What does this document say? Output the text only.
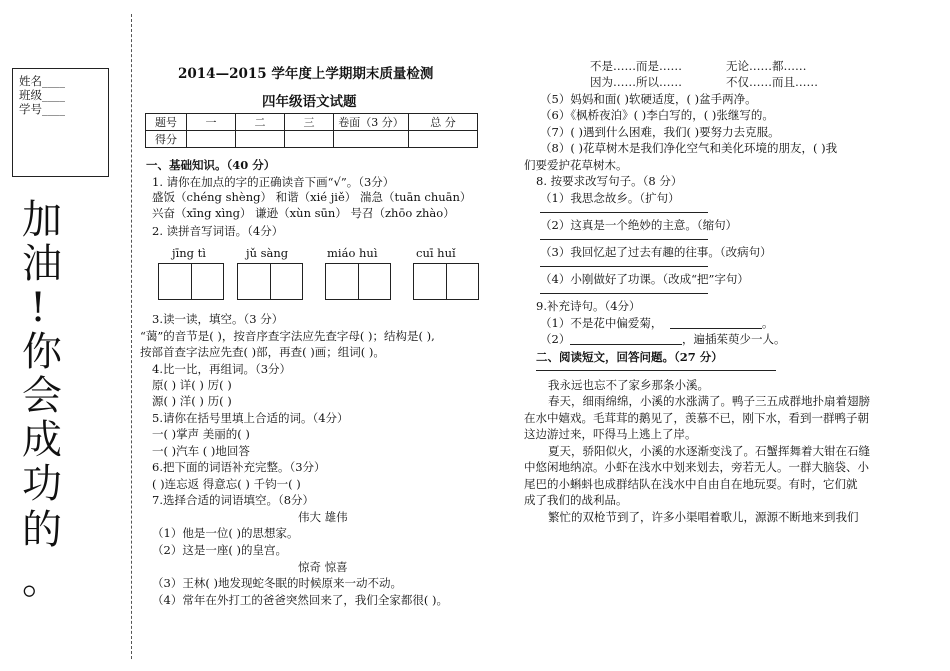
姓名____
班级____
学号____
加
油
!
你
会
成
功
的
。
2014—2015 学年度上学期期末质量检测
四年级语文试题
题号	一	二	三	卷面（3 分）	总 分
得分					
一、基础知识。（40 分）
1. 请你在加点的字的正确读音下画“√”。（3分）
盛饭（chéng shèng） 和谐（xié jiě） 湍急（tuān chuān）
兴奋（xīng xìng） 谦逊（xùn sūn） 号召（zhōo zhào）
2. 读拼音写词语。（4分）
jīng tì	jǔ sàng	miáo huì	cuī huǐ
3.读一读，填空。（3 分）
“蔼”的音节是( )，按音序查字法应先查字母( )；结构是( ),
按部首查字法应先查( )部，再查( )画；组词( )。
4.比一比，再组词。（3分）
原( ) 详( ) 厉( )
源( ) 洋( ) 历( )
5.请你在括号里填上合适的词。（4分）
一( )掌声 美丽的( )
一( )汽车 ( )地回答
6.把下面的词语补充完整。（3分）
( )连忘返 得意忘( ) 千钧一( )
7.选择合适的词语填空。（8分）
伟大 雄伟
（1）他是一位( )的思想家。
（2）这是一座( )的皇宫。
惊奇 惊喜
（3）王林( )地发现蛇冬眠的时候原来一动不动。
（4）常年在外打工的爸爸突然回来了，我们全家都很( )。
不是……而是……	无论……都……
因为……所以……	不仅……而且……
（5）妈妈和面( )软硬适度，( )盆手两净。
（6）《枫桥夜泊》( )李白写的，( )张继写的。
（7）( )遇到什么困难，我们( )要努力去克服。
（8）( )花草树木是我们净化空气和美化环境的朋友，( )我
们要爱护花草树木。
8. 按要求改写句子。（8 分）
（1）我思念故乡。（扩句）
（2）这真是一个绝妙的主意。（缩句）
（3）我回忆起了过去有趣的往事。（改病句）
（4）小刚做好了功课。（改成“把”字句）
9.补充诗句。（4分）
（1）不是花中偏爱菊，	。
（2）	，遍插茱萸少一人。
二、阅读短文，回答问题。（27 分）
我永远也忘不了家乡那条小溪。
春天，细雨绵绵，小溪的水涨满了。鸭子三五成群地扑扇着翅膀
在水中嬉戏。毛茸茸的鹅见了，羡慕不已，刚下水，看到一群鸭子朝
这边游过来，吓得马上逃上了岸。
夏天，骄阳似火，小溪的水逐渐变浅了。石蟹挥舞着大钳在石缝
中悠闲地纳凉。小虾在浅水中划来划去，旁若无人。一群大脑袋、小
尾巴的小蝌蚪也成群结队在浅水中自由自在地玩耍。有时，它们就
成了我们的战利品。
繁忙的双枪节到了，许多小渠唱着歌儿，源源不断地来到我们
